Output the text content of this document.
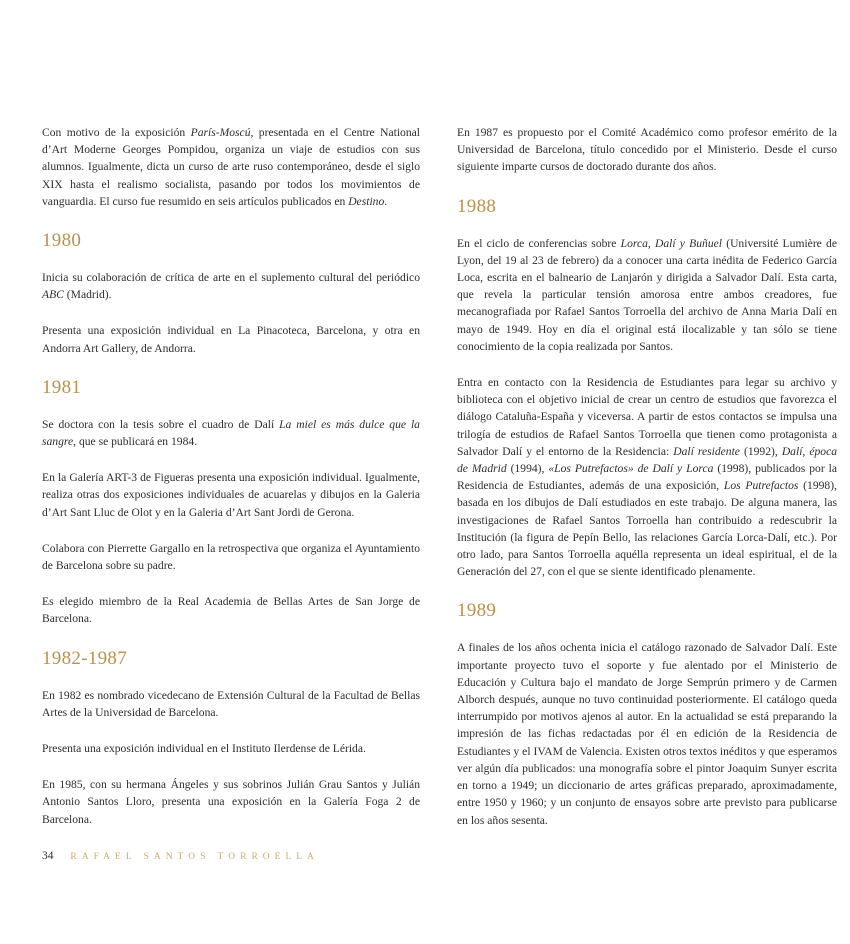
Con motivo de la exposición París-Moscú, presentada en el Centre National d’Art Moderne Georges Pompidou, organiza un viaje de estudios con sus alumnos. Igualmente, dicta un curso de arte ruso contemporáneo, desde el siglo XIX hasta el realismo socialista, pasando por todos los movimientos de vanguardia. El curso fue resumido en seis artículos publicados en Destino.

1980

Inicia su colaboración de crítica de arte en el suplemento cultural del periódico ABC (Madrid).

Presenta una exposición individual en La Pinacoteca, Barcelona, y otra en Andorra Art Gallery, de Andorra.

1981

Se doctora con la tesis sobre el cuadro de Dalí La miel es más dulce que la sangre, que se publicará en 1984.

En la Galería ART-3 de Figueras presenta una exposición individual. Igualmente, realiza otras dos exposiciones individuales de acuarelas y dibujos en la Galeria d’Art Sant Lluc de Olot y en la Galeria d’Art Sant Jordi de Gerona.

Colabora con Pierrette Gargallo en la retrospectiva que organiza el Ayuntamiento de Barcelona sobre su padre.

Es elegido miembro de la Real Academia de Bellas Artes de San Jorge de Barcelona.

1982-1987

En 1982 es nombrado vicedecano de Extensión Cultural de la Facultad de Bellas Artes de la Universidad de Barcelona.

Presenta una exposición individual en el Instituto Ilerdense de Lérida.

En 1985, con su hermana Ángeles y sus sobrinos Julián Grau Santos y Julián Antonio Santos Lloro, presenta una exposición en la Galería Foga 2 de Barcelona.

En 1987 es propuesto por el Comité Académico como profesor emérito de la Universidad de Barcelona, título concedido por el Ministerio. Desde el curso siguiente imparte cursos de doctorado durante dos años.

1988

En el ciclo de conferencias sobre Lorca, Dalí y Buñuel (Université Lumière de Lyon, del 19 al 23 de febrero) da a conocer una carta inédita de Federico García Loca, escrita en el balneario de Lanjarón y dirigida a Salvador Dalí. Esta carta, que revela la particular tensión amorosa entre ambos creadores, fue mecanografiada por Rafael Santos Torroella del archivo de Anna Maria Dalí en mayo de 1949. Hoy en día el original está ilocalizable y tan sólo se tiene conocimiento de la copia realizada por Santos.

Entra en contacto con la Residencia de Estudiantes para legar su archivo y biblioteca con el objetivo inicial de crear un centro de estudios que favorezca el diálogo Cataluña-España y viceversa. A partir de estos contactos se impulsa una trilogía de estudios de Rafael Santos Torroella que tienen como protagonista a Salvador Dalí y el entorno de la Residencia: Dalí residente (1992), Dalí, época de Madrid (1994), «Los Putrefactos» de Dalí y Lorca (1998), publicados por la Residencia de Estudiantes, además de una exposición, Los Putrefactos (1998), basada en los dibujos de Dalí estudiados en este trabajo. De alguna manera, las investigaciones de Rafael Santos Torroella han contribuido a redescubrir la Institución (la figura de Pepín Bello, las relaciones García Lorca-Dalí, etc.). Por otro lado, para Santos Torroella aquélla representa un ideal espiritual, el de la Generación del 27, con el que se siente identificado plenamente.

1989

A finales de los años ochenta inicia el catálogo razonado de Salvador Dalí. Este importante proyecto tuvo el soporte y fue alentado por el Ministerio de Educación y Cultura bajo el mandato de Jorge Semprún primero y de Carmen Alborch después, aunque no tuvo continuidad posteriormente. El catálogo queda interrumpido por motivos ajenos al autor. En la actualidad se está preparando la impresión de las fichas redactadas por él en edición de la Residencia de Estudiantes y el IVAM de Valencia. Existen otros textos inéditos y que esperamos ver algún día publicados: una monografía sobre el pintor Joaquim Sunyer escrita en torno a 1949; un diccionario de artes gráficas preparado, aproximadamente, entre 1950 y 1960; y un conjunto de ensayos sobre arte previsto para publicarse en los años sesenta.

34 RAFAEL SANTOS TORROELLA
